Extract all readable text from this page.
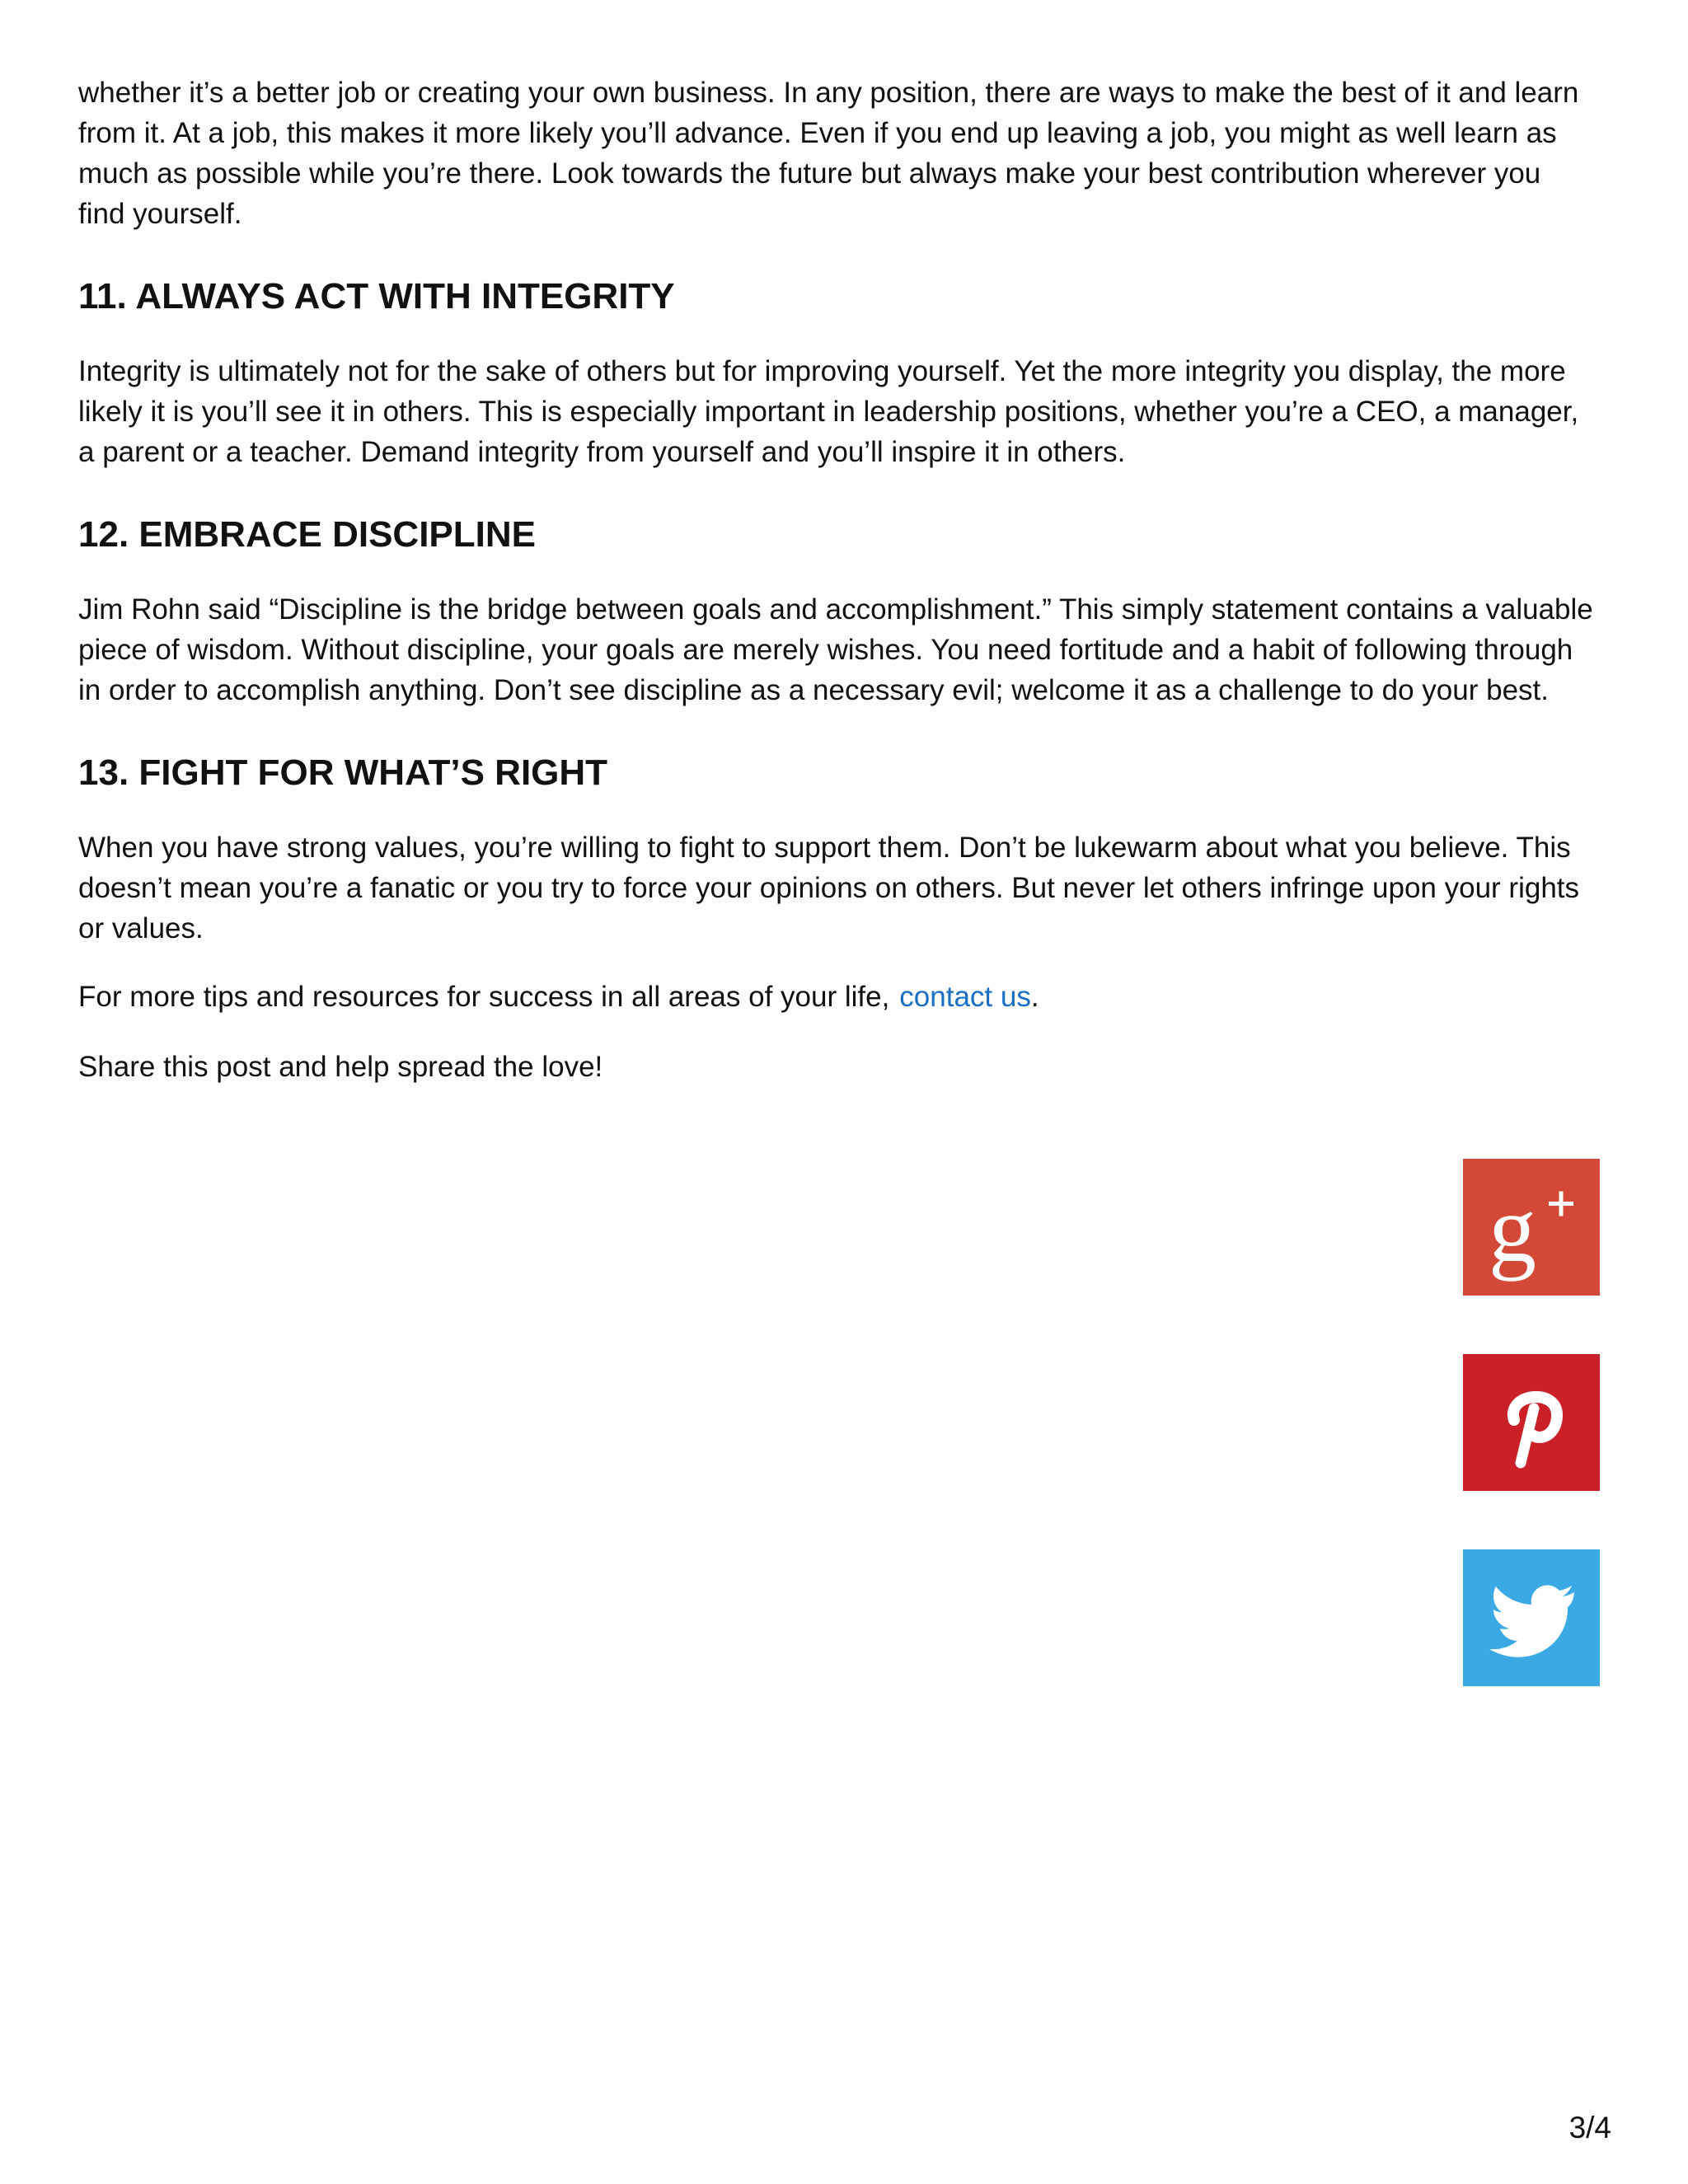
whether it’s a better job or creating your own business. In any position, there are ways to make the best of it and learn from it. At a job, this makes it more likely you’ll advance. Even if you end up leaving a job, you might as well learn as much as possible while you’re there. Look towards the future but always make your best contribution wherever you find yourself.

11. ALWAYS ACT WITH INTEGRITY

Integrity is ultimately not for the sake of others but for improving yourself. Yet the more integrity you display, the more likely it is you’ll see it in others. This is especially important in leadership positions, whether you’re a CEO, a manager, a parent or a teacher. Demand integrity from yourself and you’ll inspire it in others.

12. EMBRACE DISCIPLINE

Jim Rohn said “Discipline is the bridge between goals and accomplishment.” This simply statement contains a valuable piece of wisdom. Without discipline, your goals are merely wishes. You need fortitude and a habit of following through in order to accomplish anything. Don’t see discipline as a necessary evil; welcome it as a challenge to do your best.

13. FIGHT FOR WHAT’S RIGHT

When you have strong values, you’re willing to fight to support them. Don’t be lukewarm about what you believe. This doesn’t mean you’re a fanatic or you try to force your opinions on others. But never let others infringe upon your rights or values.

For more tips and resources for success in all areas of your life, contact us.

Share this post and help spread the love!

g
3/4
